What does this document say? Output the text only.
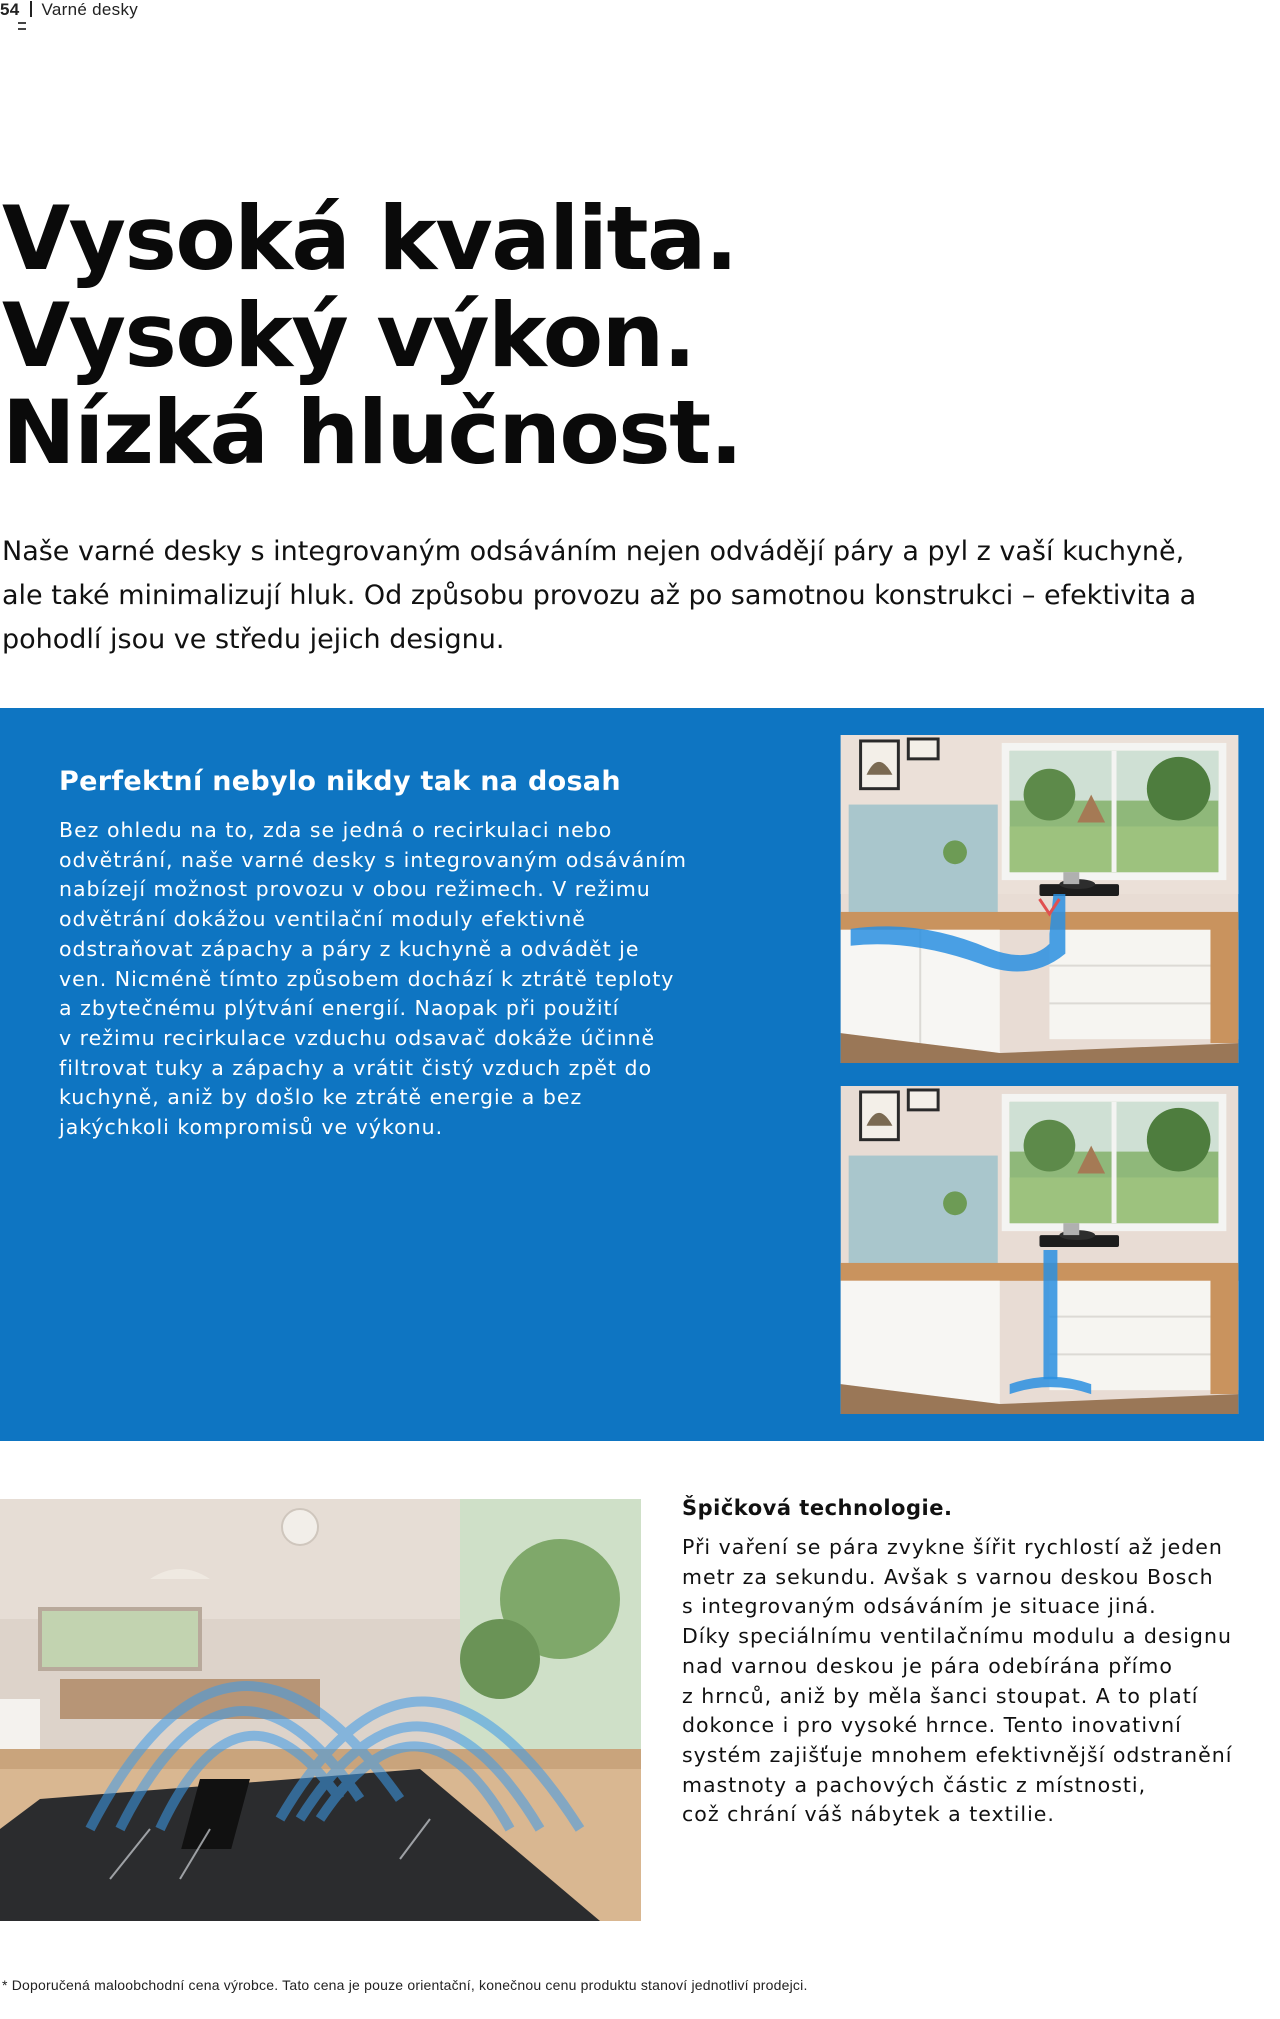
54 Varné desky
Vysoká kvalita.
Vysoký výkon.
Nízká hlučnost.

Naše varné desky s integrovaným odsáváním nejen odvádějí páry a pyl z vaší kuchyně, ale také minimalizují hluk. Od způsobu provozu až po samotnou konstrukci – efektivita a pohodlí jsou ve středu jejich designu.

Perfektní nebylo nikdy tak na dosah

Bez ohledu na to, zda se jedná o recirkulaci nebo
odvětrání, naše varné desky s integrovaným odsáváním
nabízejí možnost provozu v obou režimech. V režimu
odvětrání dokážou ventilační moduly efektivně
odstraňovat zápachy a páry z kuchyně a odvádět je
ven. Nicméně tímto způsobem dochází k ztrátě teploty
a zbytečnému plýtvání energií. Naopak při použití
v režimu recirkulace vzduchu odsavač dokáže účinně
filtrovat tuky a zápachy a vrátit čistý vzduch zpět do
kuchyně, aniž by došlo ke ztrátě energie a bez
jakýchkoli kompromisů ve výkonu.

Špičková technologie.

Při vaření se pára zvykne šířit rychlostí až jeden
metr za sekundu. Avšak s varnou deskou Bosch
s integrovaným odsáváním je situace jiná.
Díky speciálnímu ventilačnímu modulu a designu
nad varnou deskou je pára odebírána přímo
z hrnců, aniž by měla šanci stoupat. A to platí
dokonce i pro vysoké hrnce. Tento inovativní
systém zajišťuje mnohem efektivnější odstranění
mastnoty a pachových částic z místnosti,
což chrání váš nábytek a textilie.

* Doporučená maloobchodní cena výrobce. Tato cena je pouze orientační, konečnou cenu produktu stanoví jednotliví prodejci.
